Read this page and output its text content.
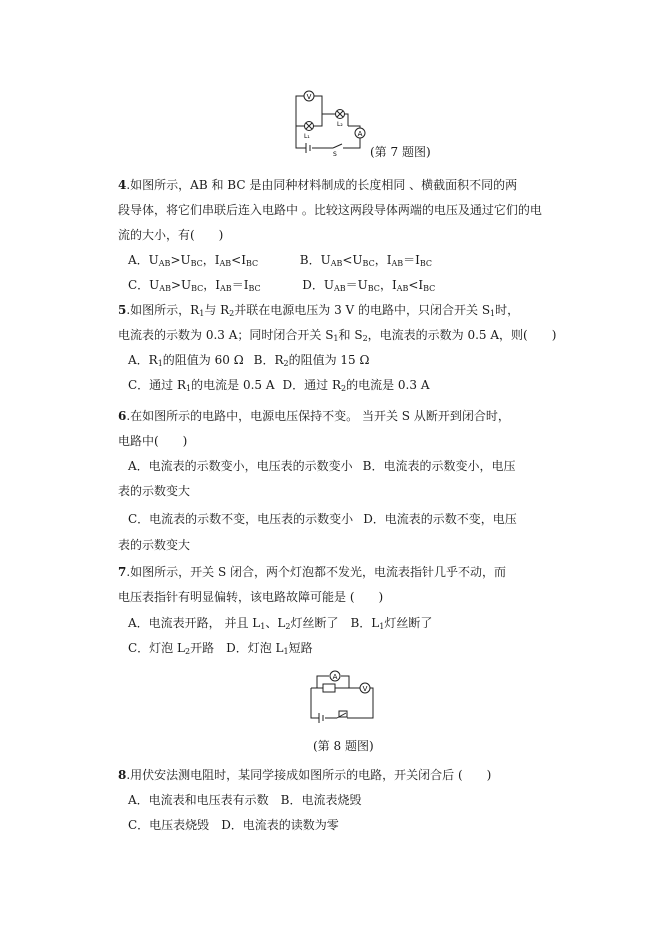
V
A
L₁
L₂
S	(第 7 题图)
4.如图所示，AB 和 BC 是由同种材料制成的长度相同 、横截面积不同的两
段导体，将它们串联后连入电路中 。比较这两段导体两端的电压及通过它们的电
流的大小，有(　　)
A．$U_{AB}>U_{BC}$，$I_{AB}<I_{BC}$	B．$U_{AB}<U_{BC}$，$I_{AB}=I_{BC}$
C．$U_{AB}>U_{BC}$，$I_{AB}=I_{BC}$	D．$U_{AB}=U_{BC}$，$I_{AB}<I_{BC}$
5.如图所示，$R_1$与 $R_2$并联在电源电压为 3 V 的电路中，只闭合开关 $S_1$时，
电流表的示数为 0.3 A；同时闭合开关 $S_1$和 $S_2$，电流表的示数为 0.5 A，则(　　)
A．$R_1$的阻值为 60 Ω B．$R_2$的阻值为 15 Ω
C．通过 $R_1$的电流是 0.5 A D．通过 $R_2$的电流是 0.3 A
6.在如图所示的电路中，电源电压保持不变。 当开关 S 从断开到闭合时，
电路中(　　)
A．电流表的示数变小，电压表的示数变小 B．电流表的示数变小，电压
表的示数变大
C．电流表的示数不变，电压表的示数变小 D．电流表的示数不变，电压
表的示数变大
7.如图所示，开关 S 闭合，两个灯泡都不发光，电流表指针几乎不动，而
电压表指针有明显偏转，该电路故障可能是 (　　)
A．电流表开路， 并且 $L_1$、$L_2$灯丝断了 B．$L_1$灯丝断了
C．灯泡 $L_2$开路 D．灯泡 $L_1$短路
A
V
(第 8 题图)
8.用伏安法测电阻时，某同学接成如图所示的电路，开关闭合后 (　　)
A．电流表和电压表有示数 B．电流表烧毁
C．电压表烧毁 D．电流表的读数为零
